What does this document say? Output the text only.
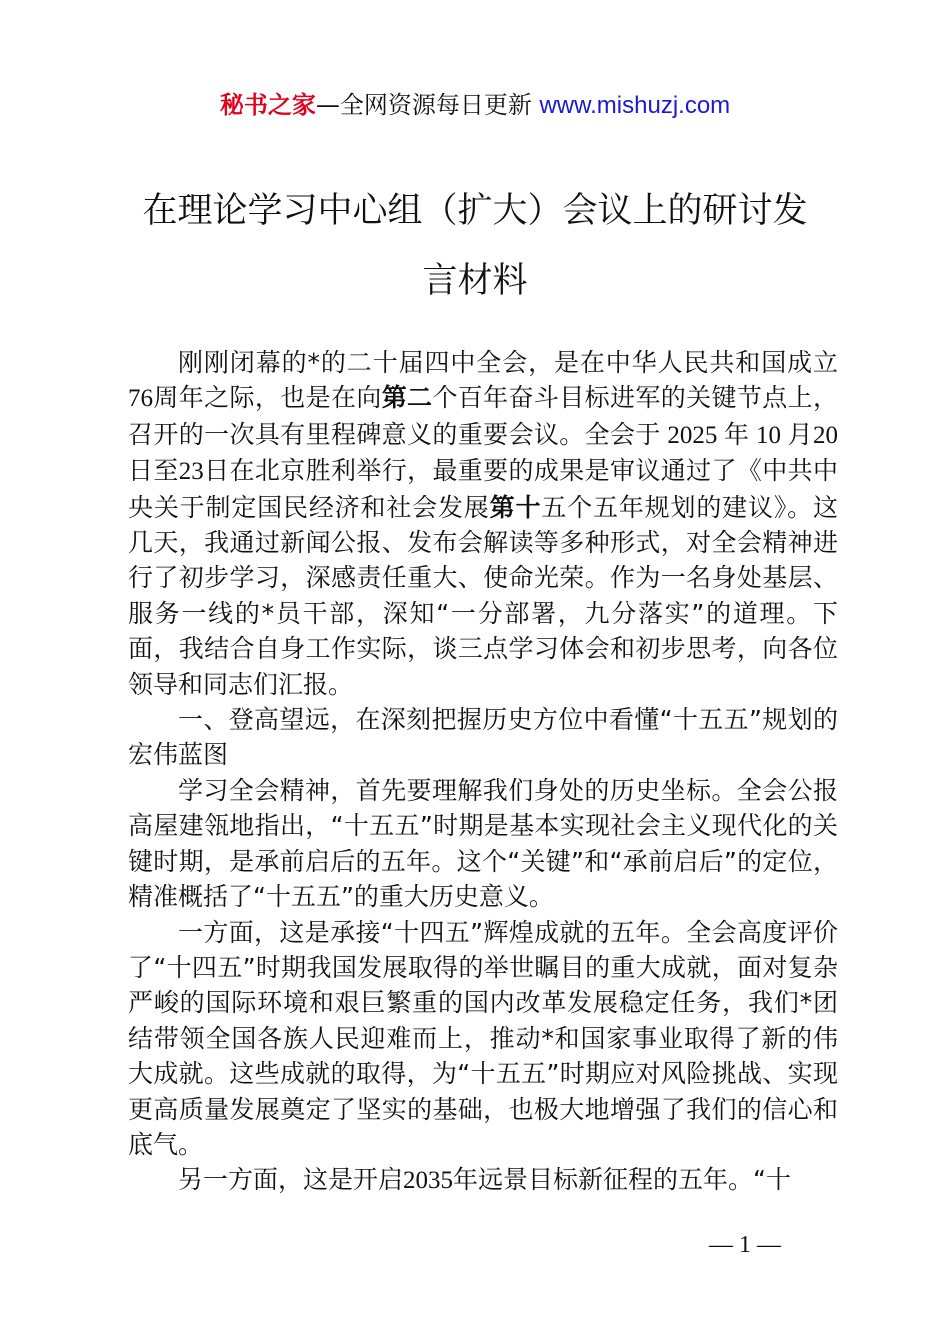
秘书之家—全网资源每日更新 www.mishuzj.com
在理论学习中心组（扩大）会议上的研讨发
言材料

刚刚闭幕的*的二十届四中全会，是在中华人民共和国成立76周年之际，也是在向第二个百年奋斗目标进军的关键节点上，召开的一次具有里程碑意义的重要会议。全会于 2025 年 10 月20日至23日在北京胜利举行，最重要的成果是审议通过了《中共中央关于制定国民经济和社会发展第十五个五年规划的建议》。这几天，我通过新闻公报、发布会解读等多种形式，对全会精神进行了初步学习，深感责任重大、使命光荣。作为一名身处基层、服务一线的*员干部，深知“一分部署，九分落实”的道理。下面，我结合自身工作实际，谈三点学习体会和初步思考，向各位领导和同志们汇报。

一、登高望远，在深刻把握历史方位中看懂“十五五”规划的宏伟蓝图

学习全会精神，首先要理解我们身处的历史坐标。全会公报高屋建瓴地指出，“十五五”时期是基本实现社会主义现代化的关键时期，是承前启后的五年。这个“关键”和“承前启后”的定位，精准概括了“十五五”的重大历史意义。

一方面，这是承接“十四五”辉煌成就的五年。全会高度评价了“十四五”时期我国发展取得的举世瞩目的重大成就，面对复杂严峻的国际环境和艰巨繁重的国内改革发展稳定任务，我们*团结带领全国各族人民迎难而上，推动*和国家事业取得了新的伟大成就。这些成就的取得，为“十五五”时期应对风险挑战、实现更高质量发展奠定了坚实的基础，也极大地增强了我们的信心和底气。

另一方面，这是开启2035年远景目标新征程的五年。“十

— 1 —
